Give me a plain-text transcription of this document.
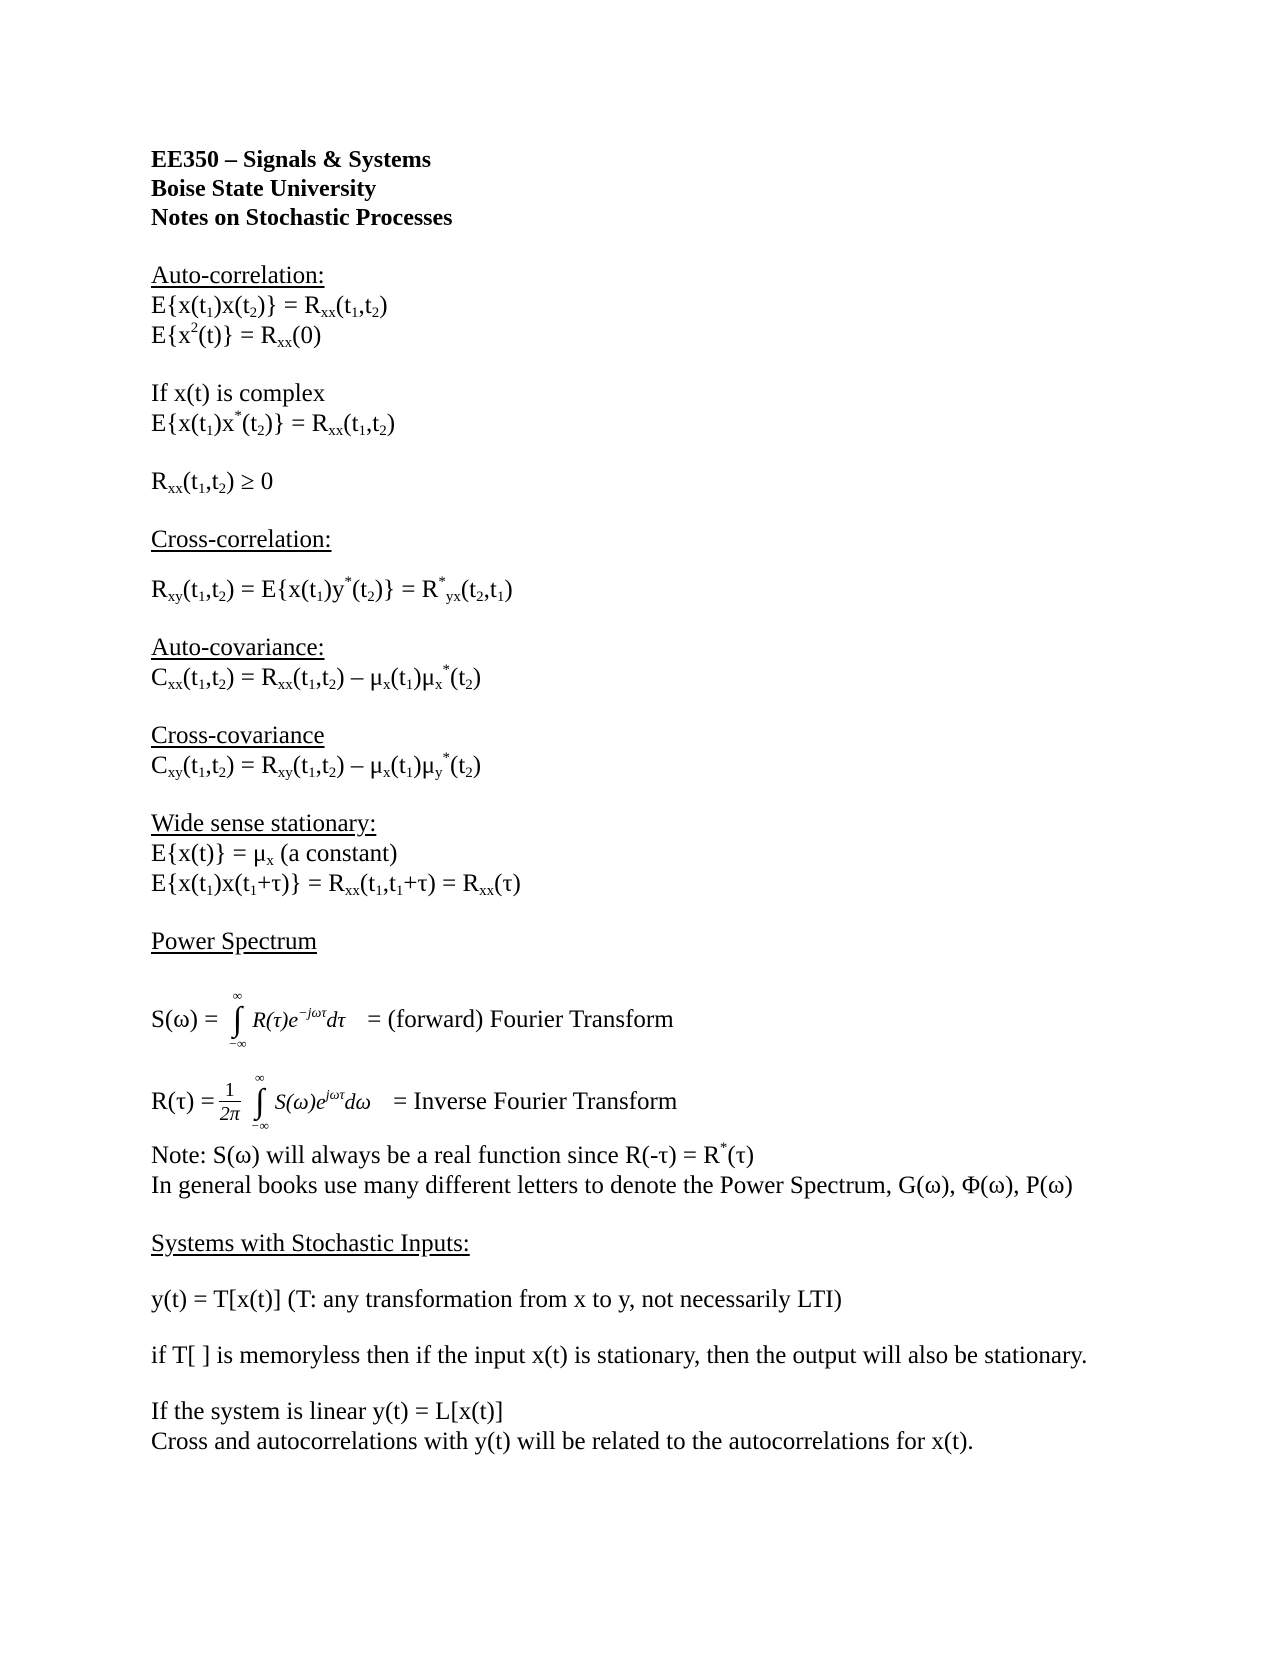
EE350 – Signals & Systems

Boise State University

Notes on Stochastic Processes

Auto-correlation:
$E\{x(t_1)x(t_2)\} = R_{xx}(t_1,t_2)$
$E\{x^2(t)\} = R_{xx}(0)$
If x(t) is complex
$E\{x(t_1)x^*(t_2)\} = R_{xx}(t_1,t_2)$
$R_{xx}(t_1,t_2) \ge 0$
Cross-correlation:
$R_{xy}(t_1,t_2) = E\{x(t_1)y^*(t_2)\} = R^*_{yx}(t_2,t_1)$
Auto-covariance:
$C_{xx}(t_1,t_2) = R_{xx}(t_1,t_2) - \mu_x(t_1)\mu_x^*(t_2)$
Cross-covariance
$C_{xy}(t_1,t_2) = R_{xy}(t_1,t_2) - \mu_x(t_1)\mu_y^*(t_2)$
Wide sense stationary:
$E\{x(t)\} = \mu_x$ (a constant)
$E\{x(t_1)x(t_1+\tau)\} = R_{xx}(t_1,t_1+\tau) = R_{xx}(\tau)$
Power Spectrum
S(ω) =
∞
∫
−∞
$R(\tau)e^{-j\omega\tau}d\tau$ = (forward) Fourier Transform
$R(\tau) = \frac{1}{2\pi}$
∞
∫
−∞
$S(\omega)e^{j\omega\tau}d\omega$ = Inverse Fourier Transform
Note: S(ω) will always be a real function since R(-τ) = R*(τ)
In general books use many different letters to denote the Power Spectrum, G(ω), Φ(ω), P(ω)
Systems with Stochastic Inputs:
y(t) = T[x(t)] (T: any transformation from x to y, not necessarily LTI)
if T[ ] is memoryless then if the input x(t) is stationary, then the output will also be stationary.
If the system is linear y(t) = L[x(t)]
Cross and autocorrelations with y(t) will be related to the autocorrelations for x(t).
